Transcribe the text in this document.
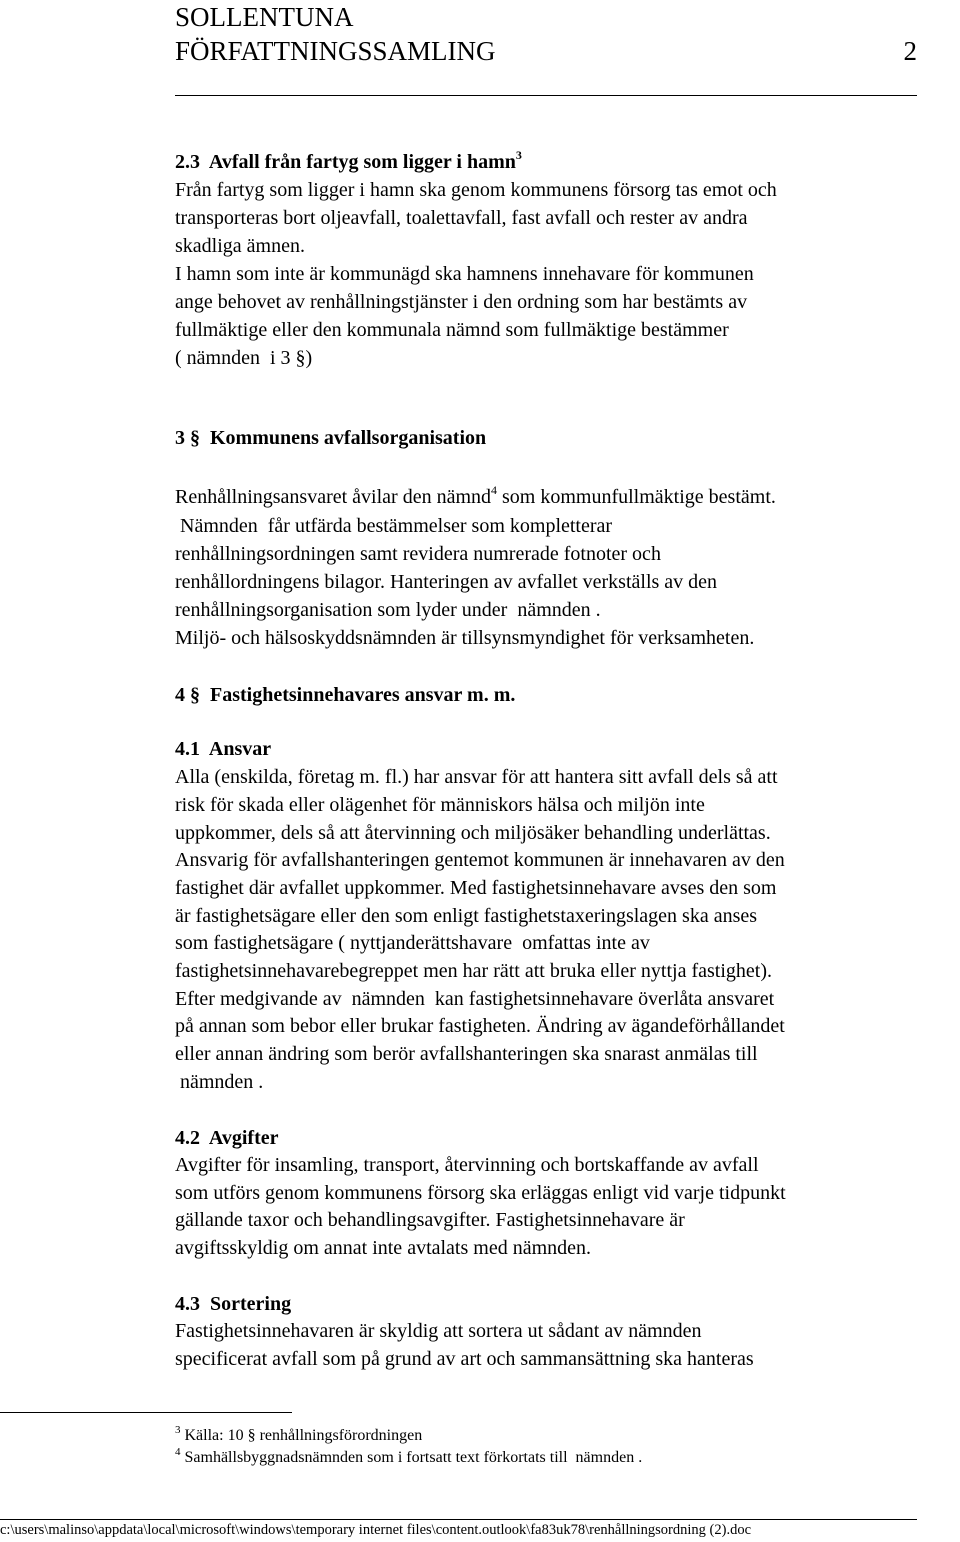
SOLLENTUNA
FÖRFATTNINGSSAMLING	2
2.3  Avfall från fartyg som ligger i hamn$^3$
Från fartyg som ligger i hamn ska genom kommunens försorg tas emot och
transporteras bort oljeavfall, toalettavfall, fast avfall och rester av andra
skadliga ämnen.
I hamn som inte är kommunägd ska hamnens innehavare för kommunen
ange behovet av renhållningstjänster i den ordning som har bestämts av
fullmäktige eller den kommunala nämnd som fullmäktige bestämmer
( nämnden  i 3 §)
3 §  Kommunens avfallsorganisation
Renhållningsansvaret åvilar den nämnd$^4$ som kommunfullmäktige bestämt.
Nämnden  får utfärda bestämmelser som kompletterar
renhållningsordningen samt revidera numrerade fotnoter och
renhållordningens bilagor. Hanteringen av avfallet verkställs av den
renhållningsorganisation som lyder under  nämnden .
Miljö- och hälsoskyddsnämnden är tillsynsmyndighet för verksamheten.
4 §  Fastighetsinnehavares ansvar m. m.
4.1  Ansvar
Alla (enskilda, företag m. fl.) har ansvar för att hantera sitt avfall dels så att
risk för skada eller olägenhet för människors hälsa och miljön inte
uppkommer, dels så att återvinning och miljösäker behandling underlättas.
Ansvarig för avfallshanteringen gentemot kommunen är innehavaren av den
fastighet där avfallet uppkommer. Med fastighetsinnehavare avses den som
är fastighetsägare eller den som enligt fastighetstaxeringslagen ska anses
som fastighetsägare ( nyttjanderättshavare  omfattas inte av
fastighetsinnehavarebegreppet men har rätt att bruka eller nyttja fastighet).
Efter medgivande av  nämnden  kan fastighetsinnehavare överlåta ansvaret
på annan som bebor eller brukar fastigheten. Ändring av ägandeförhållandet
eller annan ändring som berör avfallshanteringen ska snarast anmälas till
nämnden .
4.2  Avgifter
Avgifter för insamling, transport, återvinning och bortskaffande av avfall
som utförs genom kommunens försorg ska erläggas enligt vid varje tidpunkt
gällande taxor och behandlingsavgifter. Fastighetsinnehavare är
avgiftsskyldig om annat inte avtalats med nämnden.
4.3  Sortering
Fastighetsinnehavaren är skyldig att sortera ut sådant av nämnden
specificerat avfall som på grund av art och sammansättning ska hanteras
$^3$ Källa: 10 § renhållningsförordningen
$^4$ Samhällsbyggnadsnämnden som i fortsatt text förkortats till  nämnden .
c:\users\malinso\appdata\local\microsoft\windows\temporary internet files\content.outlook\fa83uk78\renhållningsordning (2).doc
